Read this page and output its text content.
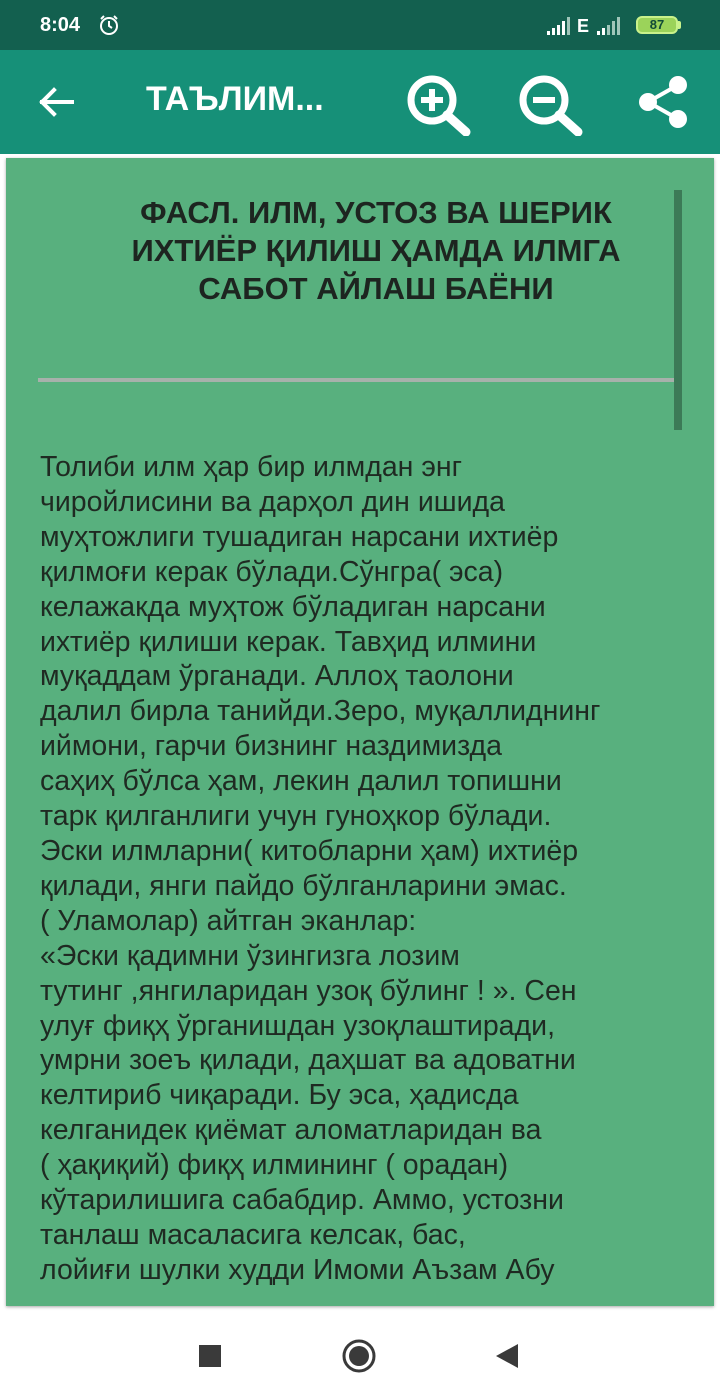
8:04	E	87
ТАЪЛИМ...
ФАСЛ. ИЛМ, УСТОЗ ВА ШЕРИК ИХТИЁР ҚИЛИШ ҲАМДА ИЛМГА САБОТ АЙЛАШ БАЁНИ
Толиби илм ҳар бир илмдан энг
чиройлисини ва дарҳол дин ишида
муҳтожлиги тушадиган нарсани ихтиёр
қилмоғи керак бўлади.Сўнгра( эса)
келажакда муҳтож бўладиган нарсани
ихтиёр қилиши керак. Тавҳид илмини
муқаддам ўрганади. Аллоҳ таолони
далил бирла танийди.Зеро, муқаллиднинг
иймони, гарчи бизнинг наздимизда
саҳиҳ бўлса ҳам, лекин далил топишни
тарк қилганлиги учун гуноҳкор бўлади.
Эски илмларни( китобларни ҳам) ихтиёр
қилади, янги пайдо бўлганларини эмас.
( Уламолар) айтган эканлар:
«Эски қадимни ўзингизга лозим
тутинг ,янгиларидан узоқ бўлинг ! ». Сен
улуғ фиқҳ ўрганишдан узоқлаштиради,
умрни зоеъ қилади, даҳшат ва адоватни
келтириб чиқаради. Бу эса, ҳадисда
келганидек қиёмат аломатларидан ва
( ҳақиқий) фиқҳ илмининг ( орадан)
кўтарилишига сабабдир. Аммо, устозни
танлаш масаласига келсак, бас,
лойиғи шулки худди Имоми Аъзам Абу
